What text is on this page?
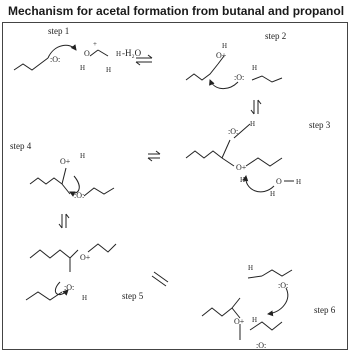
Mechanism for acetal formation from butanal and propanol
step 1	step 2
step 3
step 4
step 5
step 6
-H₂O
:O:
O
H	H
H
+
O+
H
:O:
H
:O:
H
O+
H	O H
H
O+
H
:O:
O+
:O:
H
H
:O:
O+ H
:O:
